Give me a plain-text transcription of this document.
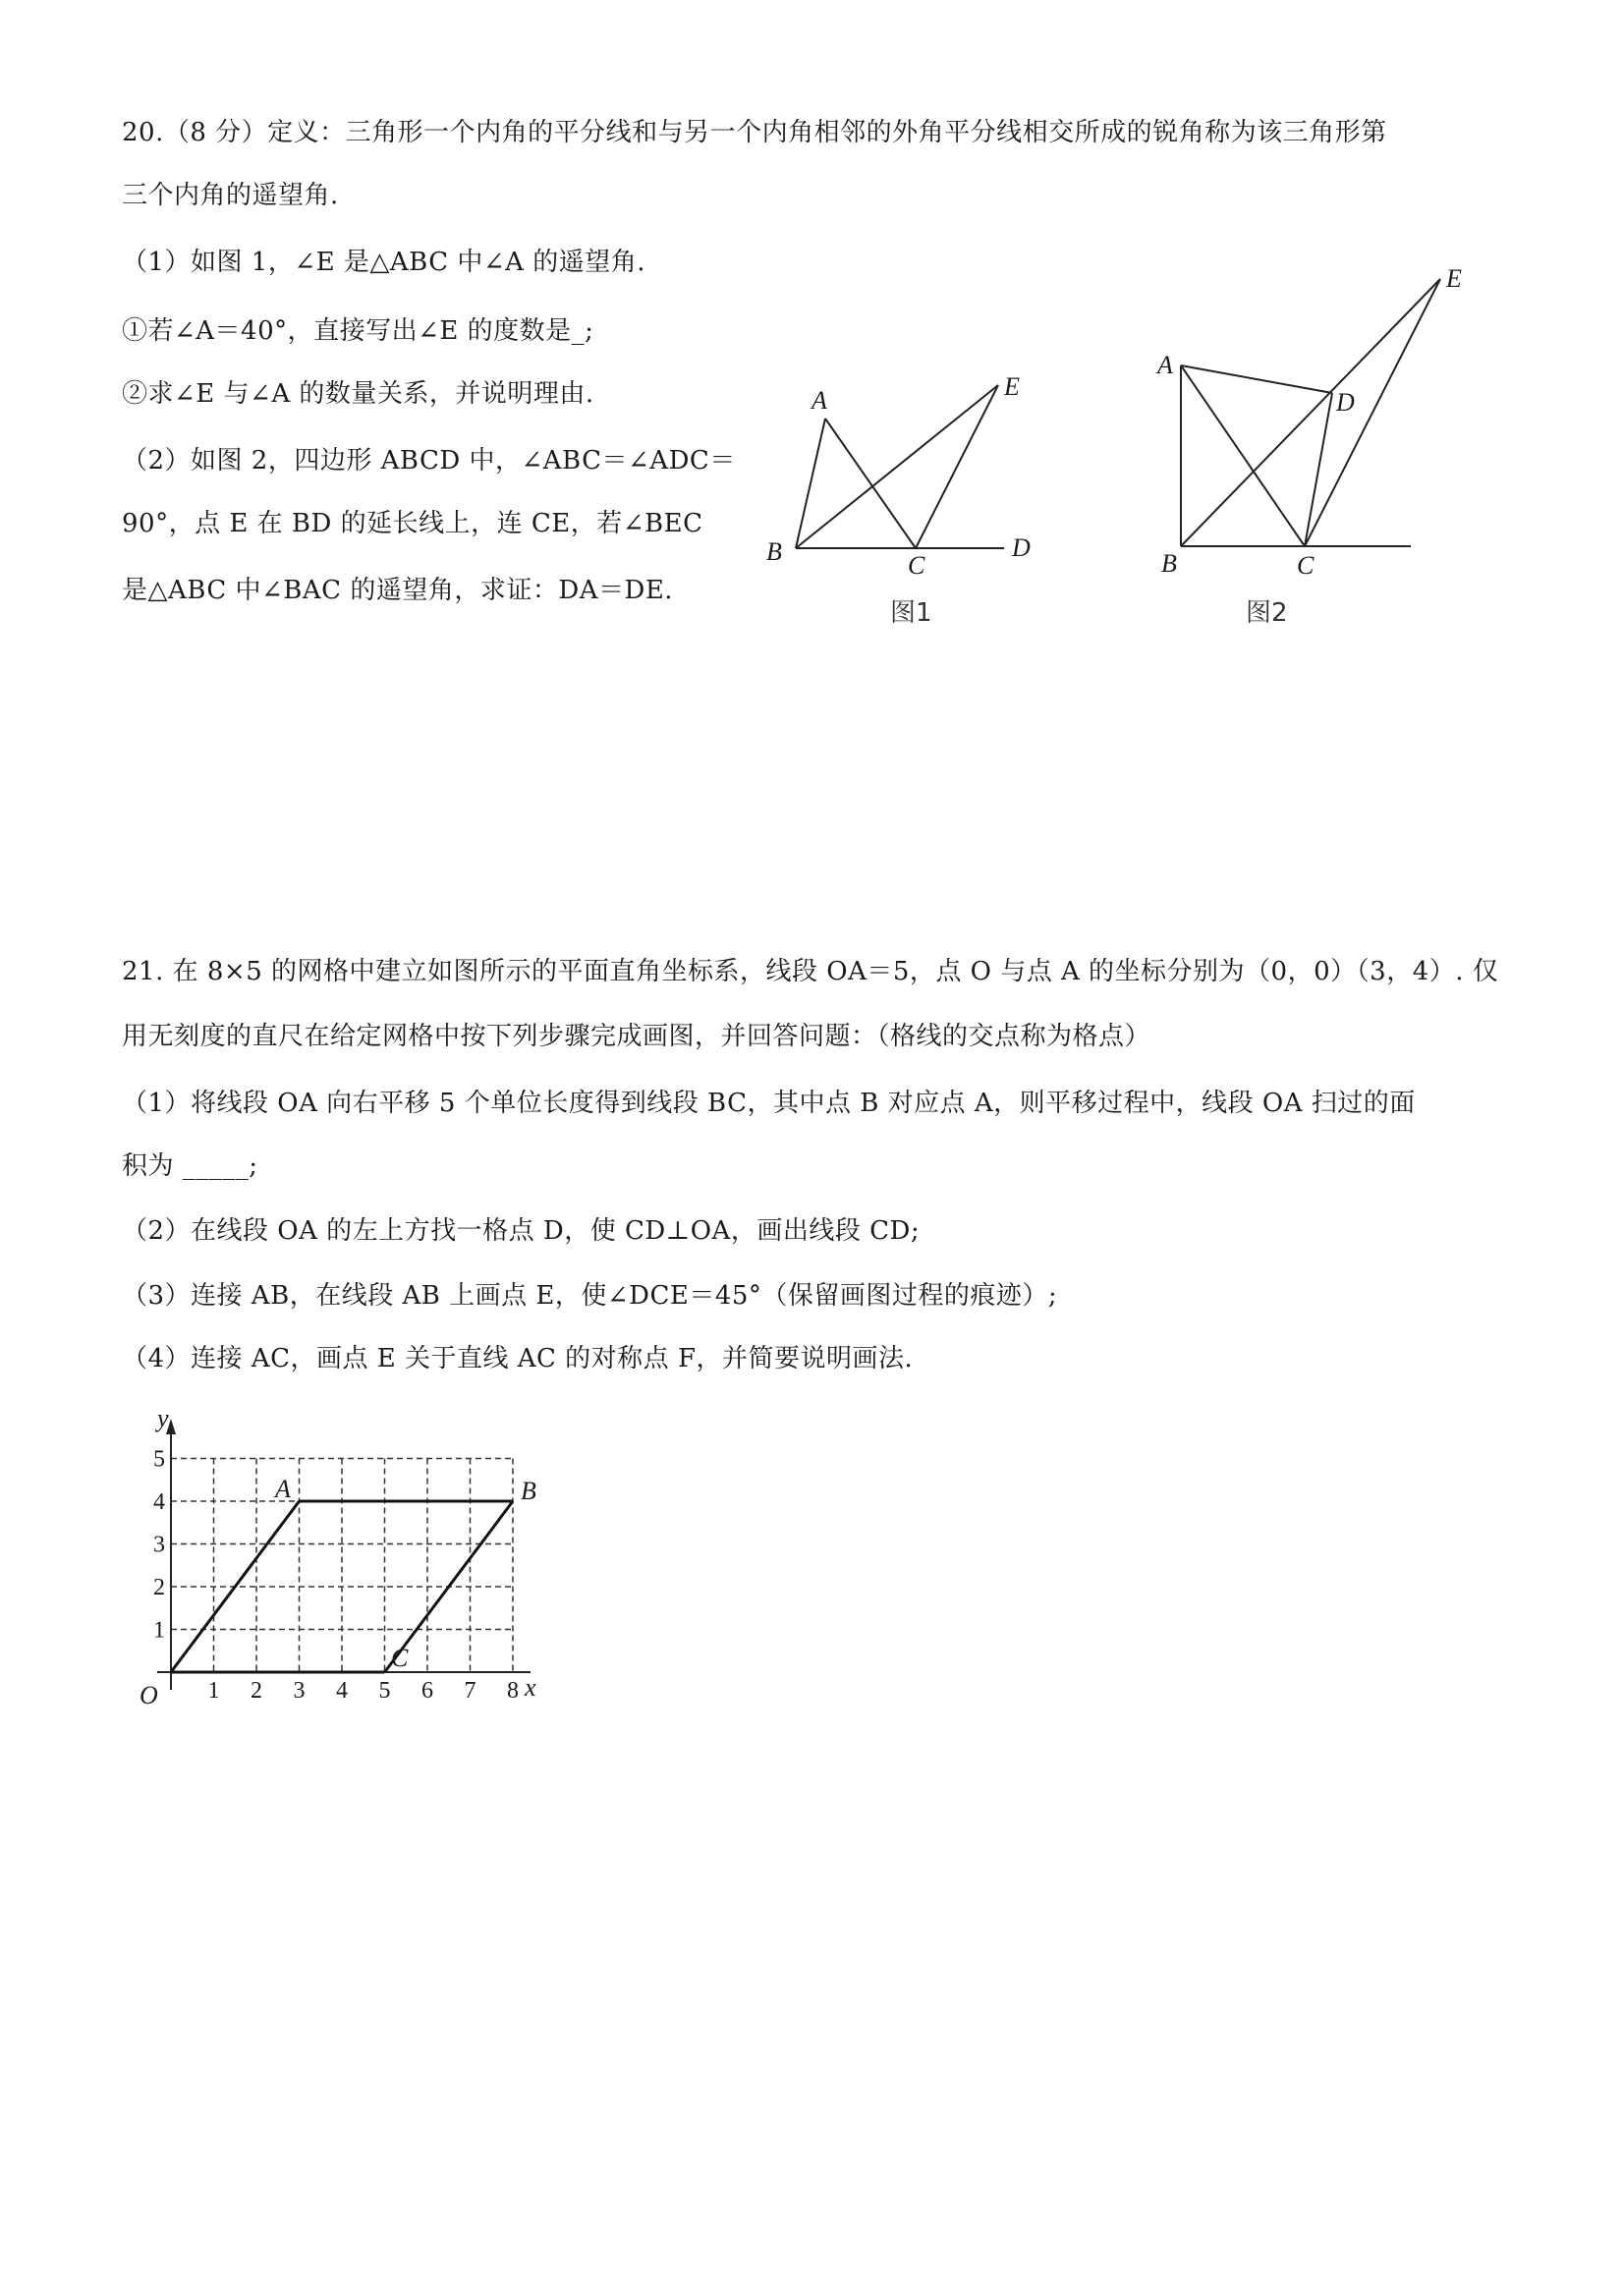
20.（8 分）定义：三角形一个内角的平分线和与另一个内角相邻的外角平分线相交所成的锐角称为该三角形第
三个内角的遥望角.
（1）如图 1，∠E 是△ABC 中∠A 的遥望角.
①若∠A＝40°，直接写出∠E 的度数是_;
②求∠E 与∠A 的数量关系，并说明理由.
（2）如图 2，四边形 ABCD 中，∠ABC＝∠ADC＝
90°，点 E 在 BD 的延长线上，连 CE，若∠BEC
是△ABC 中∠BAC 的遥望角，求证：DA＝DE.
A
B	C
D
E
图1
A
B	C
D
E
图2
21. 在 8×5 的网格中建立如图所示的平面直角坐标系，线段 OA＝5，点 O 与点 A 的坐标分别为（0，0）（3，4）. 仅
用无刻度的直尺在给定网格中按下列步骤完成画图，并回答问题：（格线的交点称为格点）
（1）将线段 OA 向右平移 5 个单位长度得到线段 BC，其中点 B 对应点 A，则平移过程中，线段 OA 扫过的面
积为 _____;
（2）在线段 OA 的左上方找一格点 D，使 CD⊥OA，画出线段 CD;
（3）连接 AB，在线段 AB 上画点 E，使∠DCE＝45°（保留画图过程的痕迹）;
（4）连接 AC，画点 E 关于直线 AC 的对称点 F，并简要说明画法.
y
x
O
A	B
C
1 2 3 4 5 6 7 8
1
2
3
4
5
